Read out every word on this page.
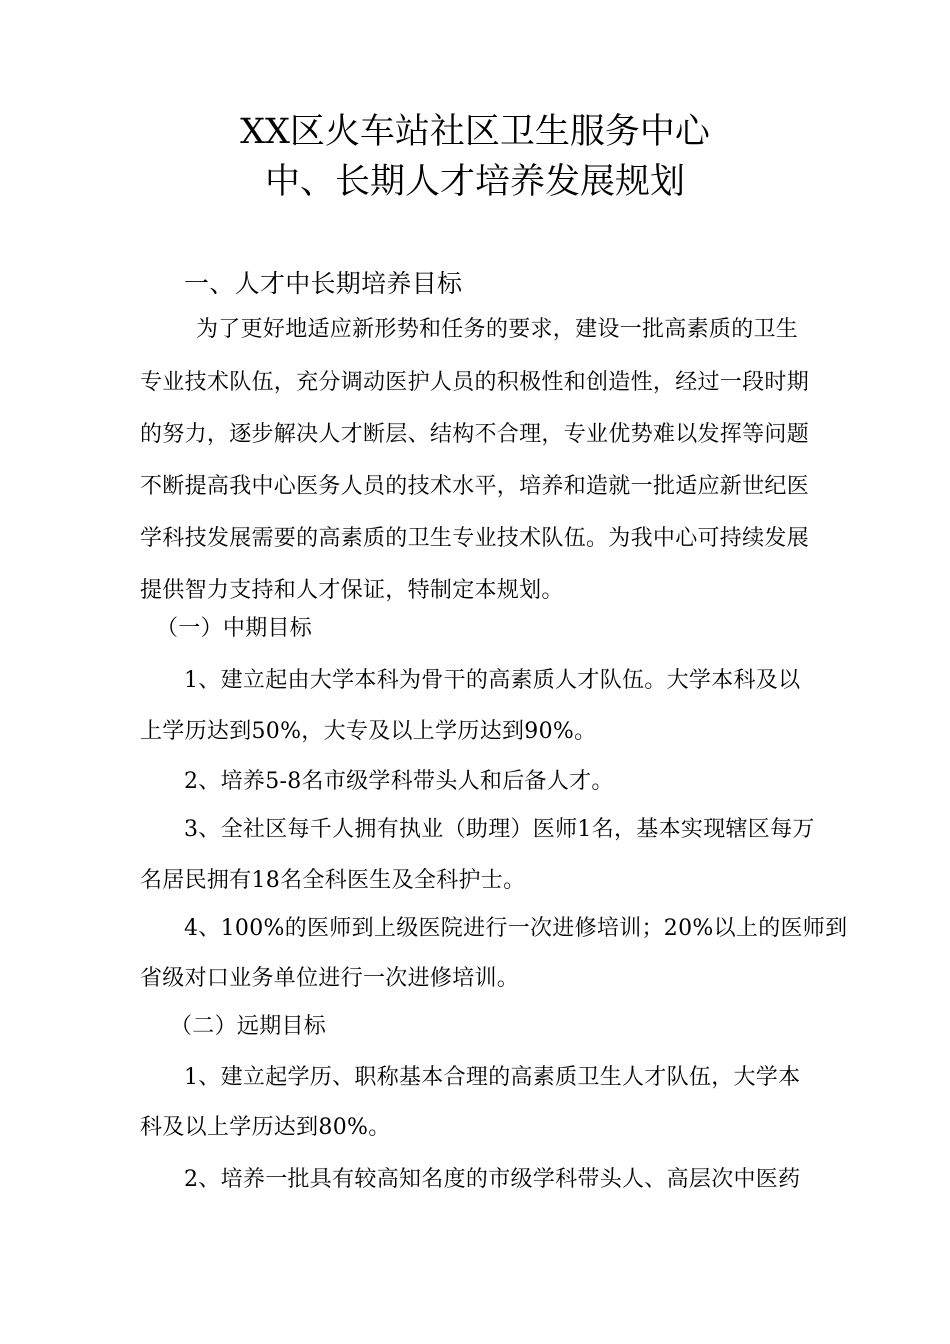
XX区火车站社区卫生服务中心
中、长期人才培养发展规划
一、人才中长期培养目标
为了更好地适应新形势和任务的要求，建设一批高素质的卫生
专业技术队伍，充分调动医护人员的积极性和创造性，经过一段时期
的努力，逐步解决人才断层、结构不合理，专业优势难以发挥等问题
不断提高我中心医务人员的技术水平，培养和造就一批适应新世纪医
学科技发展需要的高素质的卫生专业技术队伍。为我中心可持续发展
提供智力支持和人才保证，特制定本规划。
（一）中期目标
1、建立起由大学本科为骨干的高素质人才队伍。大学本科及以
上学历达到50%，大专及以上学历达到90%。
2、培养5-8名市级学科带头人和后备人才。
3、全社区每千人拥有执业（助理）医师1名，基本实现辖区每万
名居民拥有18名全科医生及全科护士。
4、100%的医师到上级医院进行一次进修培训；20%以上的医师到
省级对口业务单位进行一次进修培训。
（二）远期目标
1、建立起学历、职称基本合理的高素质卫生人才队伍，大学本
科及以上学历达到80%。
2、培养一批具有较高知名度的市级学科带头人、高层次中医药
